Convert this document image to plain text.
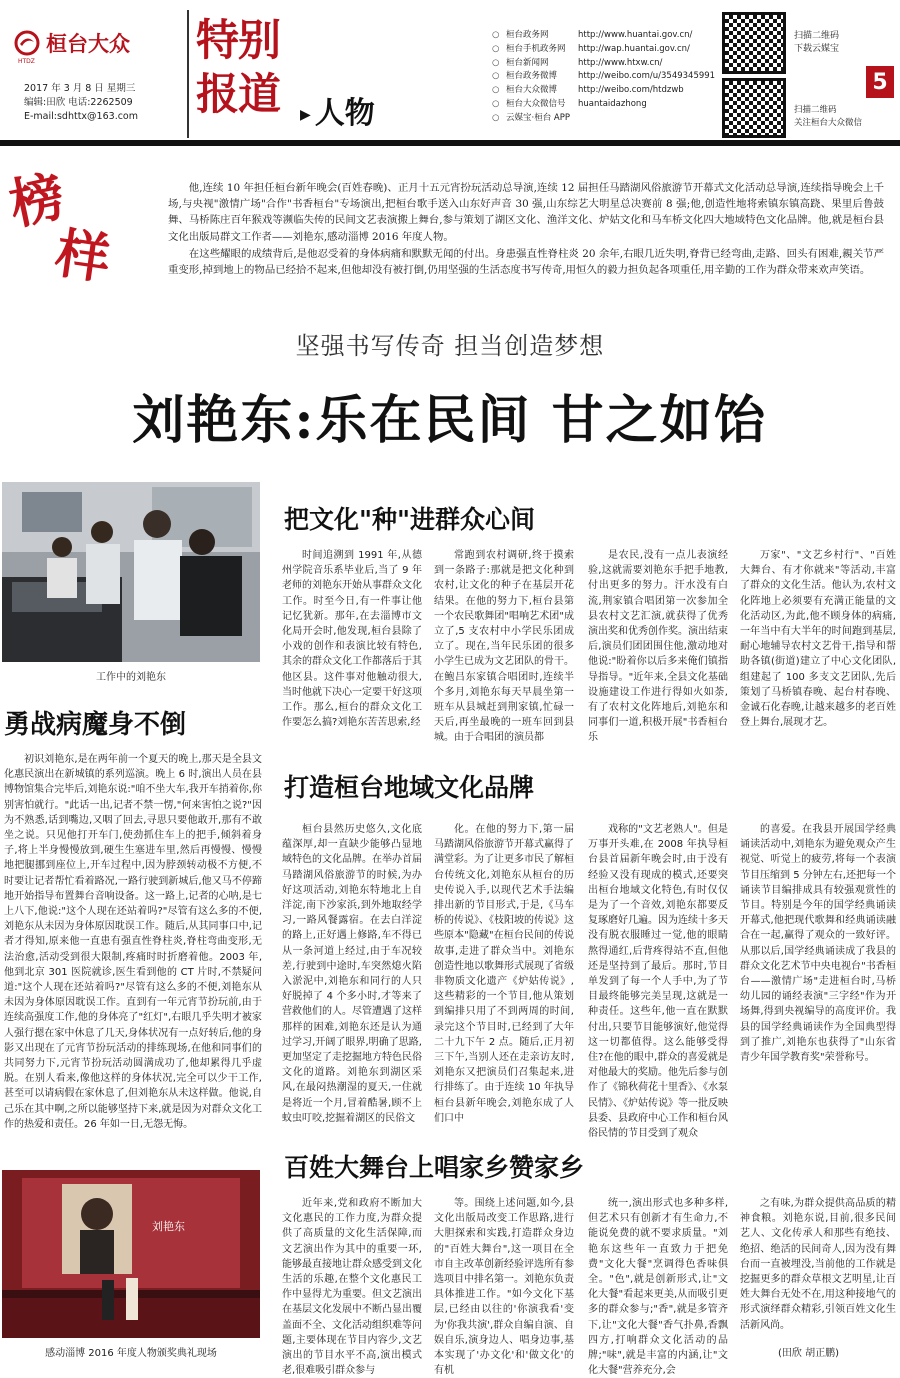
桓台大众
HTDZ
2017 年 3 月 8 日 星期三
编辑:田欣 电话:2262509
E-mail:sdhttx@163.com
特别
报道	▶ 人物
○ 桓台政务网	http://www.huantai.gov.cn/
○ 桓台手机政务网	http://wap.huantai.gov.cn/
○ 桓台新闻网	http://www.htxw.cn/
○ 桓台政务微博	http://weibo.com/u/3549345991
○ 桓台大众微博	http://weibo.com/htdzwb
○ 桓台大众微信号	huantaidazhong
○ 云媒宝·桓台 APP
扫描二维码
下载云媒宝
扫描二维码
关注桓台大众微信
5
榜
样
他,连续 10 年担任桓台新年晚会(百姓春晚)、正月十五元宵扮玩活动总导演,连续 12 届担任马踏湖风俗旅游节开幕式文化活动总导演,连续指导晚会上千场,与央视"激情广场"合作"书香桓台"专场演出,把桓台歌手送入山东好声音 30 强,山东综艺大明星总决赛前 8 强;他,创造性地将索镇东镇高跷、果里后鲁鼓舞、马桥陈庄百年猴戏等濒临失传的民间文艺表演搬上舞台,参与策划了湖区文化、渔洋文化、炉姑文化和马车桥文化四大地域特色文化品牌。他,就是桓台县文化出版局群文工作者——刘艳东,感动淄博 2016 年度人物。
在这些耀眼的成绩背后,是他忍受着的身体病痛和默默无闻的付出。身患强直性脊柱炎 20 余年,右眼几近失明,脊背已经弯曲,走路、回头有困难,親关节严重变形,掉到地上的物品已经拾不起来,但他却没有被打倒,仍用坚强的生活态度书写传奇,用恒久的毅力担负起各项重任,用辛勤的工作为群众带来欢声笑语。
坚强书写传奇 担当创造梦想
刘艳东:乐在民间 甘之如饴
工作中的刘艳东
勇战病魔身不倒

初识刘艳东,是在两年前一个夏天的晚上,那天是全县文化惠民演出在新城镇的系列巡演。晚上 6 时,演出人员在县博物馆集合完毕后,刘艳东说:"咱不坐大车,我开车捎着你,你别害怕就行。"此话一出,记者不禁一愣,"何来害怕之说?"因为不熟悉,话到嘴边,又咽了回去,寻思只要他敢开,那有不敢坐之说。只见他打开车门,使劲抓住车上的把手,倾斜着身子,将上半身慢慢放到,硬生生塞进车里,然后再慢慢、慢慢地把腿挪到座位上,开车过程中,因为脖颈转动极不方便,不时要让记者帮忙看着路况,一路行驶到新城后,他又马不停蹄地开始指导布置舞台音响设备。这一路上,记者的心呐,是七上八下,他说:"这个人现在还站着吗?"尽管有这么多的不便,刘艳东从未因为身体原因耽误工作。随后,从其同事口中,记者才得知,原来他一直患有强直性脊柱炎,脊柱弯曲变形,无法治愈,活动受到很大限制,疼痛时时折磨着他。2003 年,他到北京 301 医院就诊,医生看到他的 CT 片时,不禁疑问道:"这个人现在还站着吗?"尽管有这么多的不便,刘艳东从未因为身体原因耽误工作。直到有一年元宵节扮玩前,由于连续高强度工作,他的身体亮了"红灯",右眼几乎失明才被家人强行摁在家中休息了几天,身体状况有一点好转后,他的身影又出现在了元宵节扮玩活动的排练现场,在他和同事们的共同努力下,元宵节扮玩活动圆满成功了,他却累得几乎虚脱。在别人看来,像他这样的身体状况,完全可以少干工作,甚至可以请病假在家休息了,但刘艳东从未这样做。他说,自己乐在其中啊,之所以能够坚持下来,就是因为对群众文化工作的热爱和责任。26 年如一日,无怨无悔。

刘艳东
感动淄博 2016 年度人物颁奖典礼现场
把文化"种"进群众心间

时间追溯到 1991 年,从德州学院音乐系毕业后,当了 9 年老师的刘艳东开始从事群众文化工作。时至今日,有一件事让他记忆犹新。那年,在去淄博市文化局开会时,他发现,桓台县除了小戏的创作和表演比较有特色,其余的群众文化工作都落后于其他区县。这件事对他触动很大,当时他就下决心一定要干好这项工作。那么,桓台的群众文化工作要怎么搞?刘艳东苦苦思索,经

常跑到农村调研,终于摸索到一条路子:那就是把文化种到农村,让文化的种子在基层开花结果。在他的努力下,桓台县第一个农民歌舞团"唱响艺术团"成立了,5 支农村中小学民乐团成立了。现在,当年民乐团的很多小学生已成为文艺团队的骨干。在鲍吕东家镇合唱团时,连续半个多月,刘艳东每天早晨坐第一班车从县城赶到荆家镇,忙碌一天后,再坐最晚的一班车回到县城。由于合唱团的演员都

是农民,没有一点儿表演经验,这就需要刘艳东手把手地教,付出更多的努力。汗水没有白流,荆家镇合唱团第一次参加全县农村文艺汇演,就获得了优秀演出奖和优秀创作奖。演出结束后,演员们团团围住他,激动地对他说:"盼着你以后多来俺们镇指导指导。"近年来,全县文化基础设施建设工作进行得如火如荼,有了农村文化阵地后,刘艳东和同事们一道,积极开展"书香桓台乐

万家"、"文艺乡村行"、"百姓大舞台、有才你就来"等活动,丰富了群众的文化生活。他认为,农村文化阵地上必须要有充满正能量的文化活动区,为此,他不顾身体的病痛,一年当中有大半年的时间跑到基层,耐心地辅导农村文艺骨干,指导和帮助各镇(街道)建立了中心文化团队,组建起了 100 多支文艺团队,先后策划了马桥镇春晚、起台村春晚、金诚石化春晚,让越来越多的老百姓登上舞台,展现才艺。

打造桓台地域文化品牌

桓台县然历史悠久,文化底蕴深厚,却一直缺少能够凸显地域特色的文化品牌。在举办首届马踏湖风俗旅游节的时候,为办好这项活动,刘艳东特地北上自洋淀,南下沙家浜,到外地取经学习,一路风餐露宿。在去白洋淀的路上,正好遇上修路,车不得已从一条河道上经过,由于车况较差,行驶到中途时,车突然熄火陷入淤泥中,刘艳东和同行的人只好脱掉了 4 个多小时,才等来了营救他们的人。尽管遭遇了这样那样的困难,刘艳东还是认为通过学习,开阔了眼界,明确了思路,更加坚定了走挖掘地方特色民俗文化的道路。刘艳东到湖区采风,在最闷热潮湿的夏天,一住就是将近一个月,冒着酷暑,顾不上蚊虫叮咬,挖掘着湖区的民俗文

化。在他的努力下,第一届马踏湖风俗旅游节开幕式赢得了满堂彩。为了让更多市民了解桓台传统文化,刘艳东从桓台的历史传说入手,以现代艺术手法编排出新的节目形式,于是,《马车桥的传说》、《枝阳坡的传说》这些原本"隐藏"在桓台民间的传说故事,走进了群众当中。刘艳东创造性地以歌舞形式展现了省级非物质文化遗产《炉姑传说》,这些精彩的一个节目,他从策划到编排只用了不到两周的时间,录完这个节目时,已经到了大年二十九下午 2 点。随后,正月初三下午,当别人还在走亲访友时,刘艳东又把演员们召集起来,进行排练了。由于连续 10 年执导桓台县新年晚会,刘艳东成了人们口中

戏称的"文艺老熟人"。但是万事开头难,在 2008 年执导桓台县首届新年晚会时,由于没有经验又没有现成的模式,还要突出桓台地域文化特色,有时仅仅是为了一个音效,刘艳东都要反复琢磨好几遍。因为连续十多天没有脱衣服睡过一觉,他的眼睛熬得通红,后背疼得站不直,但他还是坚持到了最后。那时,节目单发到了每一个人手中,为了节目最终能够完美呈现,这就是一种责任。这些年,他一直在默默付出,只要节目能够演好,他觉得这一切都值得。这么能够受得住?在他的眼中,群众的喜爱就是对他最大的奖励。他先后参与创作了《锦秋荷花十里香》、《水泵民情》、《炉姑传说》等一批反映县委、县政府中心工作和桓台风俗民情的节目受到了观众

的喜爱。在我县开展国学经典诵读活动中,刘艳东为避免观众产生视觉、听觉上的疲劳,将每一个表演节目压缩到 5 分钟左右,还把每一个诵读节目编排成具有较强观赏性的节目。特别是今年的国学经典诵读开幕式,他把现代歌舞和经典诵读融合在一起,赢得了观众的一致好评。从那以后,国学经典诵读成了我县的群众文化艺术节中央电视台"书香桓台——激情广场"走进桓台时,马桥幼儿园的诵经表演"三字经"作为开场舞,得到央视编导的高度评价。我县的国学经典诵读作为全国典型得到了推广,刘艳东也获得了"山东省青少年国学教育奖"荣誉称号。

百姓大舞台上唱家乡赞家乡

近年来,党和政府不断加大文化惠民的工作力度,为群众提供了高质量的文化生活保障,而文艺演出作为其中的重要一环,能够最直接地让群众感受到文化生活的乐趣,在整个文化惠民工作中显得尤为重要。但文艺演出在基层文化发展中不断凸显出覆盖面不全、文化活动组织难等问题,主要体现在节目内容少,文艺演出的节目水平不高,演出模式老,很难吸引群众参与

等。围绕上述问题,如今,县文化出版局改变工作思路,进行大胆探索和实践,打造群众身边的"百姓大舞台",这一项目在全市自主改革创新经验评选所有参选项目中排名第一。刘艳东负责具体推进工作。"如今文化下基层,已经由以往的'你演我看'变为'你我共演',群众自编自演、自娱自乐,演身边人、唱身边事,基本实现了'办文化'和'做文化'的有机

统一,演出形式也多种多样,但艺术只有创新才有生命力,不能说免费的就不要求质量。"刘艳东这些年一直致力于把免费"文化大餐"烹调得色香味俱全。"色",就是创新形式,让"文化大餐"看起来更美,从而吸引更多的群众参与;"香",就是多管齐下,让"文化大餐"香气扑鼻,香飘四方,打响群众文化活动的品牌;"味",就是丰富的内涵,让"文化大餐"营养充分,会

之有味,为群众提供高品质的精神食粮。刘艳东说,目前,很多民间艺人、文化传承人和那些有绝技、绝招、绝活的民间奇人,因为没有舞台而一直被埋没,当前他的工作就是挖掘更多的群众草根文艺明星,让百姓大舞台无处不在,用这种接地气的形式演绎群众精彩,引领百姓文化生活新风尚。

(田欣 胡正鹏)
